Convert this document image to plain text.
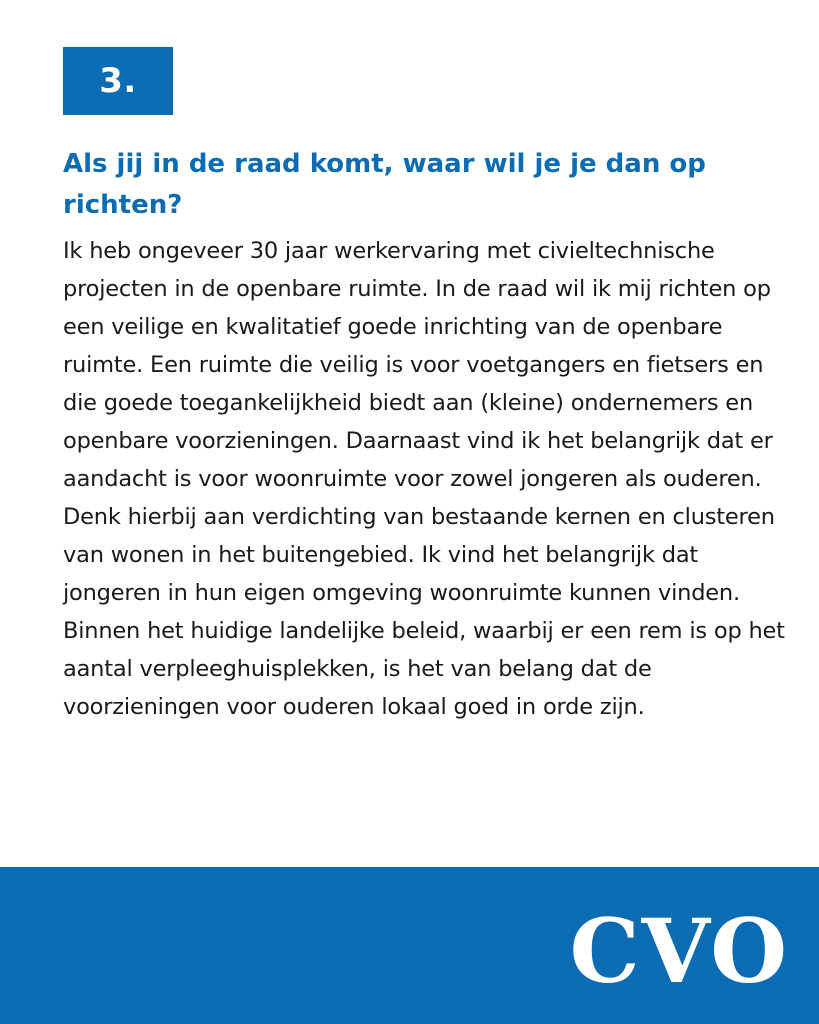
3.
Als jij in de raad komt, waar wil je je dan op richten?

Ik heb ongeveer 30 jaar werkervaring met civieltechnische projecten in de openbare ruimte. In de raad wil ik mij richten op een veilige en kwalitatief goede inrichting van de openbare ruimte. Een ruimte die veilig is voor voetgangers en fietsers en die goede toegankelijkheid biedt aan (kleine) ondernemers en openbare voorzieningen. Daarnaast vind ik het belangrijk dat er aandacht is voor woonruimte voor zowel jongeren als ouderen. Denk hierbij aan verdichting van bestaande kernen en clusteren van wonen in het buitengebied. Ik vind het belangrijk dat jongeren in hun eigen omgeving woonruimte kunnen vinden. Binnen het huidige landelijke beleid, waarbij er een rem is op het aantal verpleeghuisplekken, is het van belang dat de voorzieningen voor ouderen lokaal goed in orde zijn.

CVO
